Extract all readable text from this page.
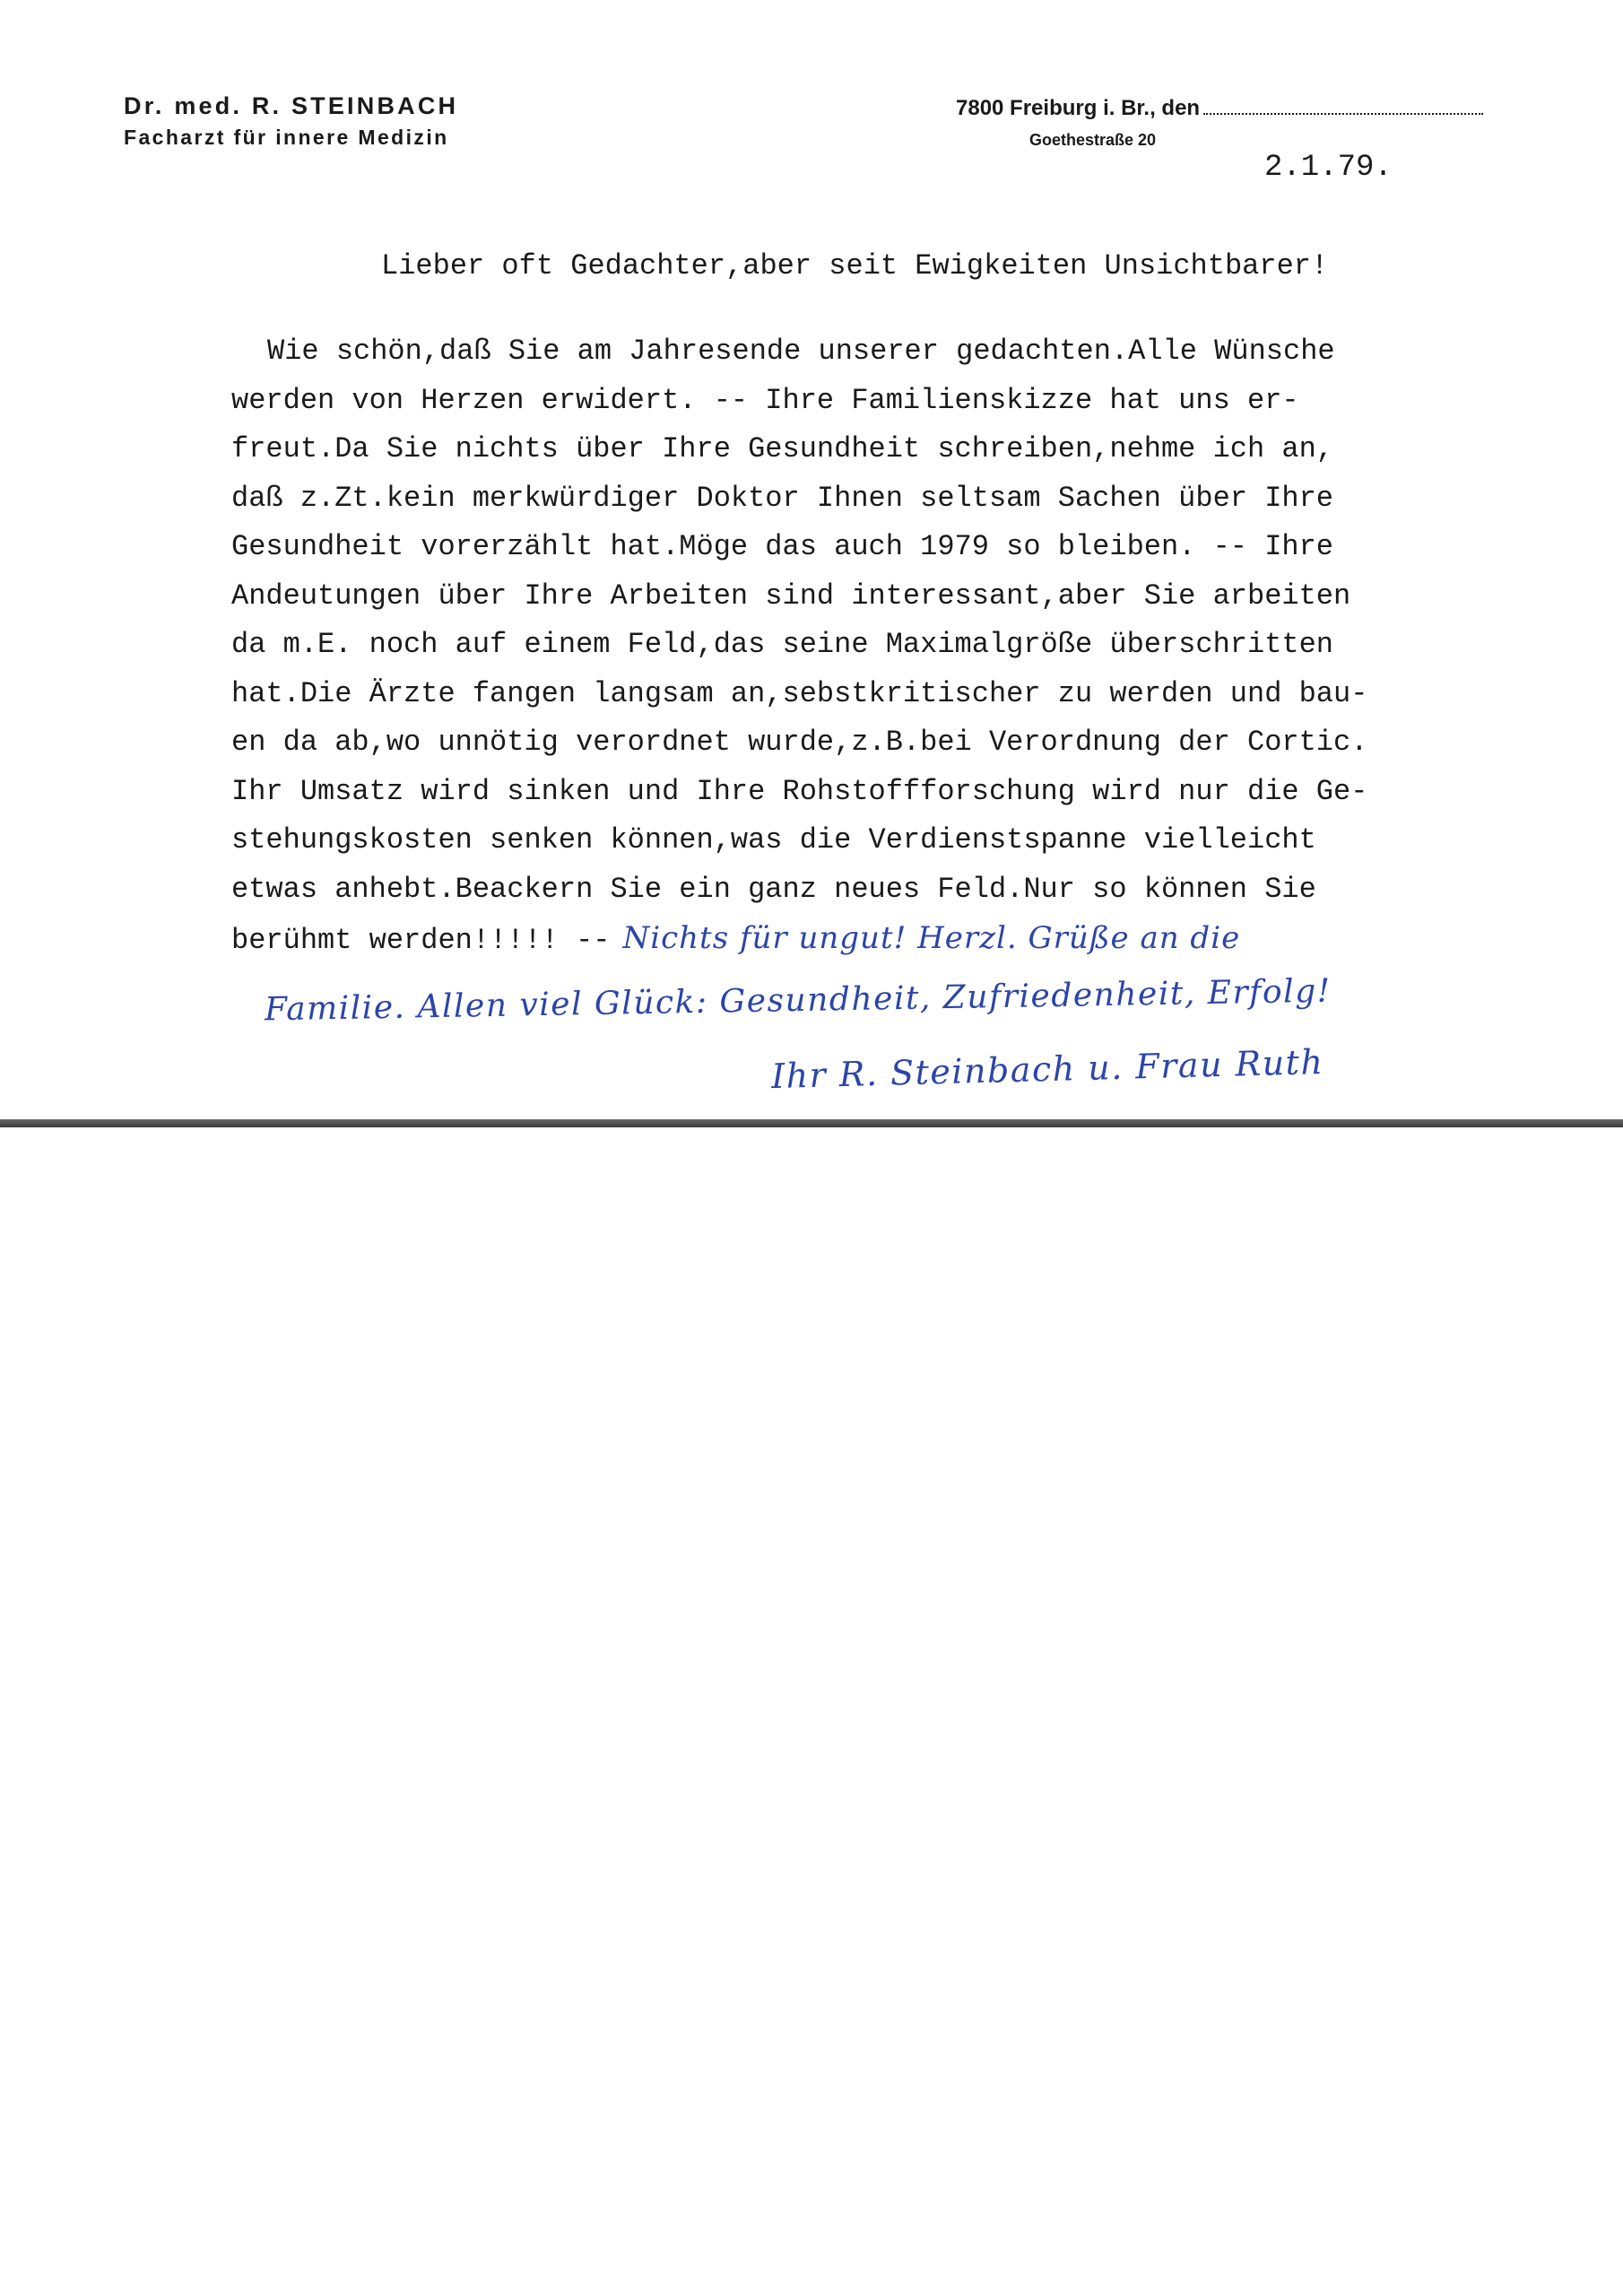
Dr. med. R. STEINBACH

Facharzt für innere Medizin

7800 Freiburg i. Br., den
Goethestraße 20
2.1.79.
Lieber oft Gedachter,aber seit Ewigkeiten Unsichtbarer!
Wie schön,daß Sie am Jahresende unserer gedachten.Alle Wünsche
werden von Herzen erwidert. -- Ihre Familienskizze hat uns er-
freut.Da Sie nichts über Ihre Gesundheit schreiben,nehme ich an,
daß z.Zt.kein merkwürdiger Doktor Ihnen seltsam Sachen über Ihre
Gesundheit vorerzählt hat.Möge das auch 1979 so bleiben. -- Ihre
Andeutungen über Ihre Arbeiten sind interessant,aber Sie arbeiten
da m.E. noch auf einem Feld,das seine Maximalgröße überschritten
hat.Die Ärzte fangen langsam an,sebstkritischer zu werden und bau-
en da ab,wo unnötig verordnet wurde,z.B.bei Verordnung der Cortic.
Ihr Umsatz wird sinken und Ihre Rohstoffforschung wird nur die Ge-
stehungskosten senken können,was die Verdienstspanne vielleicht
etwas anhebt.Beackern Sie ein ganz neues Feld.Nur so können Sie
berühmt werden!!!!! -- Nichts für ungut! Herzl. Grüße an die
Familie. Allen viel Glück: Gesundheit, Zufriedenheit, Erfolg!
Ihr R. Steinbach u. Frau Ruth
